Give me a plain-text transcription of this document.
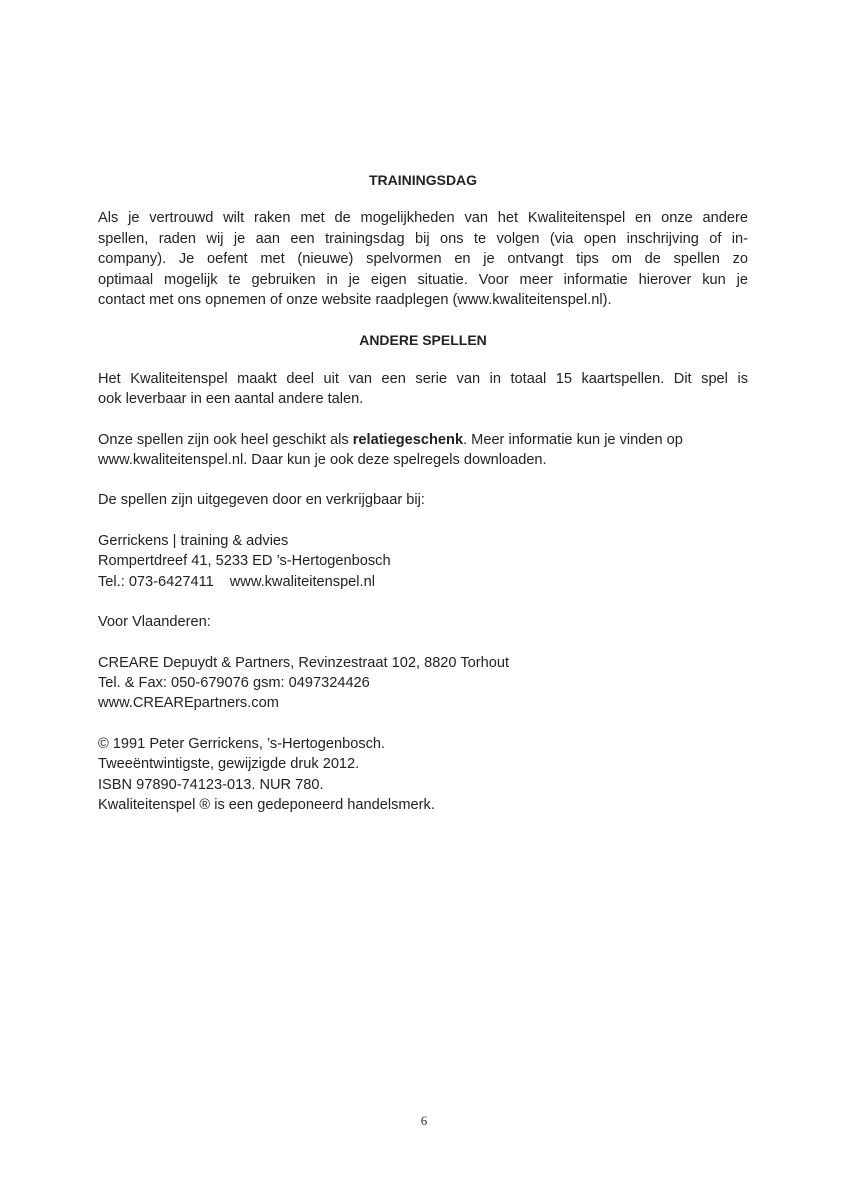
TRAININGSDAG
Als je vertrouwd wilt raken met de mogelijkheden van het Kwaliteitenspel en onze andere
spellen, raden wij je aan een trainingsdag bij ons te volgen (via open inschrijving of in-
company). Je oefent met (nieuwe) spelvormen en je ontvangt tips om de spellen zo
optimaal mogelijk te gebruiken in je eigen situatie. Voor meer informatie hierover kun je
contact met ons opnemen of onze website raadplegen (www.kwaliteitenspel.nl).
ANDERE SPELLEN
Het Kwaliteitenspel maakt deel uit van een serie van in totaal 15 kaartspellen. Dit spel is
ook leverbaar in een aantal andere talen.
Onze spellen zijn ook heel geschikt als relatiegeschenk. Meer informatie kun je vinden op
www.kwaliteitenspel.nl. Daar kun je ook deze spelregels downloaden.
De spellen zijn uitgegeven door en verkrijgbaar bij:
Gerrickens | training & advies
Rompertdreef 41, 5233 ED ’s-Hertogenbosch
Tel.: 073-6427411 www.kwaliteitenspel.nl
Voor Vlaanderen:
CREARE Depuydt & Partners, Revinzestraat 102, 8820 Torhout
Tel. & Fax: 050-679076 gsm: 0497324426
www.CREAREpartners.com
© 1991 Peter Gerrickens, ’s-Hertogenbosch.
Tweeëntwintigste, gewijzigde druk 2012.
ISBN 97890-74123-013. NUR 780.
Kwaliteitenspel ® is een gedeponeerd handelsmerk.
6
